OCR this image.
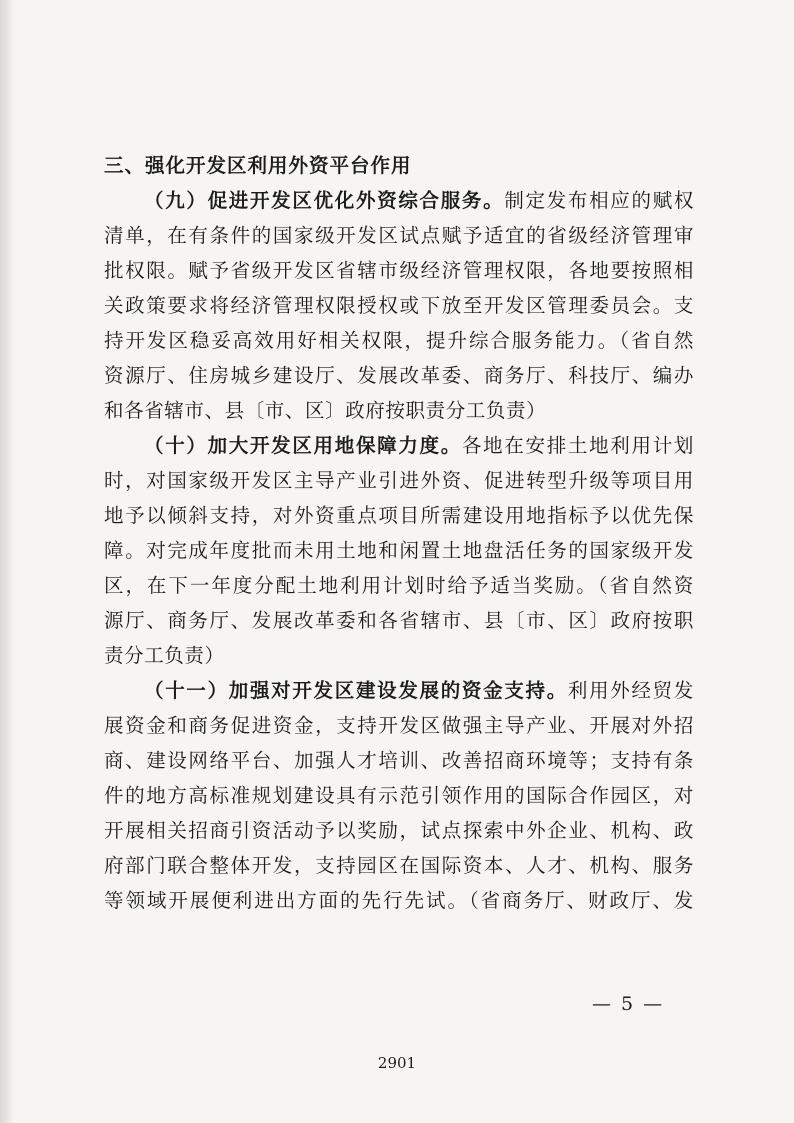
三、强化开发区利用外资平台作用
（九）促进开发区优化外资综合服务。制定发布相应的赋权
清单，在有条件的国家级开发区试点赋予适宜的省级经济管理审
批权限。赋予省级开发区省辖市级经济管理权限，各地要按照相
关政策要求将经济管理权限授权或下放至开发区管理委员会。支
持开发区稳妥高效用好相关权限，提升综合服务能力。（省自然
资源厅、住房城乡建设厅、发展改革委、商务厅、科技厅、编办
和各省辖市、县〔市、区〕政府按职责分工负责）
（十）加大开发区用地保障力度。各地在安排土地利用计划
时，对国家级开发区主导产业引进外资、促进转型升级等项目用
地予以倾斜支持，对外资重点项目所需建设用地指标予以优先保
障。对完成年度批而未用土地和闲置土地盘活任务的国家级开发
区，在下一年度分配土地利用计划时给予适当奖励。（省自然资
源厅、商务厅、发展改革委和各省辖市、县〔市、区〕政府按职
责分工负责）
（十一）加强对开发区建设发展的资金支持。利用外经贸发
展资金和商务促进资金，支持开发区做强主导产业、开展对外招
商、建设网络平台、加强人才培训、改善招商环境等；支持有条
件的地方高标准规划建设具有示范引领作用的国际合作园区，对
开展相关招商引资活动予以奖励，试点探索中外企业、机构、政
府部门联合整体开发，支持园区在国际资本、人才、机构、服务
等领域开展便利进出方面的先行先试。（省商务厅、财政厅、发
— 5 —
2901
